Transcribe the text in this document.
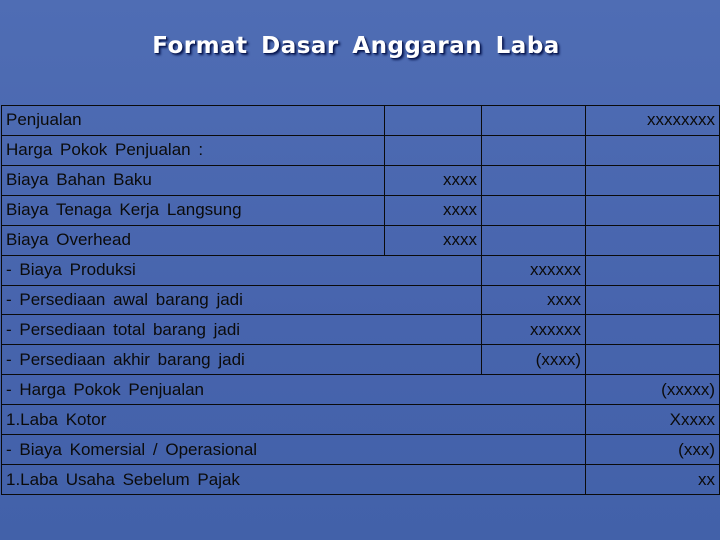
Format Dasar Anggaran Laba
Penjualan			xxxxxxxx
Harga Pokok Penjualan :			
Biaya Bahan Baku	xxxx		
Biaya Tenaga Kerja Langsung	xxxx		
Biaya Overhead	xxxx		
- Biaya Produksi		xxxxxx	
- Persediaan awal barang jadi		xxxx	
- Persediaan total barang jadi		xxxxxx	
- Persediaan akhir barang jadi		(xxxx)	
- Harga Pokok Penjualan			(xxxxx)
1.Laba Kotor			Xxxxx
- Biaya Komersial / Operasional			(xxx)
1.Laba Usaha Sebelum Pajak			xx
